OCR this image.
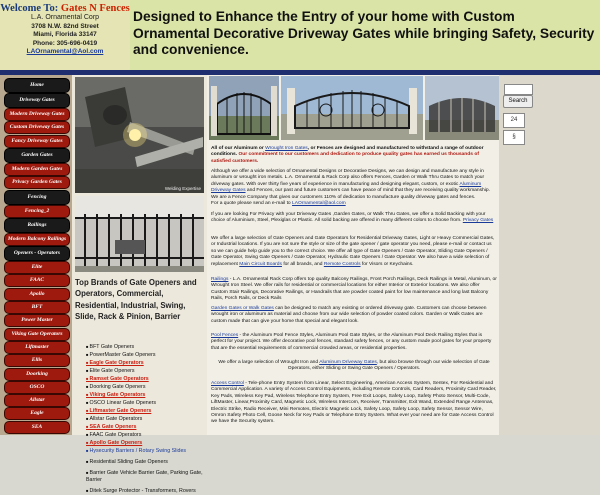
Welcome To: Gates N Fences
L.A. Ornamental Corp
3708 N.W. 82nd Street
Miami, Florida 33147
Phone: 305-696-0419
LAOrnamental@Aol.com
Designed to Enhance the Entry of your home with Custom Ornamental Decorative Driveway Gates while bringing Safety, Security and convenience.
Home
Driveway Gates
Modern Driveway Gates
Custom Driveway Gates
Fancy Driveway Gates
Garden Gates
Modern Garden Gates
Privacy Garden Gates
Fencing
Fencing_2
Railings
Modern Balcony Railings
Openers - Operators
Elite
FAAC
Apollo
BFT
Power Master
Viking Gate Operators
Liftmaster
Ellis
Doorking
OSCO
Allstar
Eagle
SEA
Welding Expertise
Top Brands of Gate Openers and Operators, Commercial, Residential, Industrial, Swing, Slide, Rack & Pinion, Barrier
■ BFT Gate Openers
■ PowerMaster Gate Openers
■ Eagle Gate Operators
■ Elite Gate Openers
■ Ramset Gate Operators
■ Doorking Gate Openers
■ Viking Gate Operators
■ OSCO Linear Gate Openers
■ Liftmaster Gate Openers
■ Allstar Gate Operators
■ SEA Gate Openers
■ FAAC Gate Operators
■ Apollo Gate Openers
■ Hysecurity Barriers / Rotary Swing Slides
■ Residential Sliding Gate Openers
■ Barrier Gate Vehicle Barrier Gate, Parking Gate, Barrier
■ Ditek Surge Protector - Transformers, Rovers
All of our Aluminum or Wrought Iron Gates, or Fences are designed and manufactured to withstand a range of outdoor conditions. Our commitment to our customers and dedication to produce quality gates has earned us thousands of satisfied customers.
Although we offer a wide selection of Ornamental Designs or Decorative Designs, we can design and manufacture any style in aluminum or wrought iron metals. L.A. Ornamental & Rack Corp also offers Fences, Garden or Walk Thru Gates to match your driveway gates. With over thirty five years of experience in manufacturing and designing elegant, custom, or exotic Aluminum Driveway Gates and Fences, our past and future customers can have peace of mind that they are receiving quality workmanship. We are a Fence Company that gives our customers 110% of dedication to manufacture quality driveway gates and fences.
For a quote please send an e-mail to LAOrnamental@aol.com
If you are looking For Privacy with your Driveway Gates ,Garden Gates, or Walk Thru Gates, we offer a Solid Backing with your choice of Aluminium, Steel, Plexiglas or Plastic. All solid backing are offered in many different colors to choose from. Privacy Gates
We offer a large selection of Gate Openers and Gate Operators for Residential Driveway Gates, Light or Heavy Commercial Gates, or Industrial locations. If you are not sure the style or size of the gate opener / gate operator you need, please e-mail or contact us so we can guide help guide you to the correct choice. We offer all type of Gate Openers / Gate Operator, Sliding Gate Openers / Gate Operator, Swing Gate Openers / Gate Operator, Hydraulic Gate Openers / Gate Operator. We also have a wide selection of replacement Main Circuit Boards for all brands, and Remote Controls for Visors or Keychains.
Railings - L.A. Ornamental Rack Corp offers top quality Balcony Railings, Front Porch Railings, Deck Railings in Metal, Aluminum, or Wrought Iron Steel. We offer rails for residential or commercial locations for either Interior or Exterior locations. We also offer Custom Stair Railings, Decorative Railings, or Handrails that are powder coated paint for low maintenance and long last Balcony Rails, Porch Rails, or Deck Rails
Garden Gates or Walk Gates can be designed to match any existing or ordered driveway gate. Customers can choose between wrought iron or aluminum as material and choose from our wide selection of powder coated colors. Garden or Walk Gates are custom made that can give your home that special and elegant look.
Pool Fences - the Aluminum Pool Fence Styles, Aluminum Pool Gate Styles, or the Aluminum Pool Deck Railing Styles that is perfect for your project. We offer decorative pool fences, standard safety fences, or any custom made pool gates for your property that are the essential requirements of commercial crowded areas, or residential properties.
We offer a large selection of Wrought Iron and Aluminum Driveway Gates, but also browse through our wide selection of Gate Operators, either Sliding or Swing Gate Openers / Operators.
Access Control - Tele-phone Entry System from Linear, Select Engineering, American Access System, Sentex, For Residential and Commercial Application. A variety of Access Control Equipments, including Remote Controls, Card Readers, Proximity Card Reader, Key Pads, Wireless Key Pad, Wireless Telephone Entry System, Free Exit Loops, Safety Loop, Safety Photo Sensor, Multi-Code, LiftMaster, Linear,Proximity Card, Magnetic Lock, Wireless Intercom, Receiver, Transmitter, Exit Wand, Extended Range Antennas, Electric Strike, Radio Receiver, Mini Remotes, Electric Magnetic Lock, Safety Loop, Safety Loop, Safety Sensor, Sensor Wire, Omron Safety Photo Cell, Goose Neck for Key Pads or Telephone Entry System. What ever your need are for Gate Access Control we have the Security system.
Search
24
§
